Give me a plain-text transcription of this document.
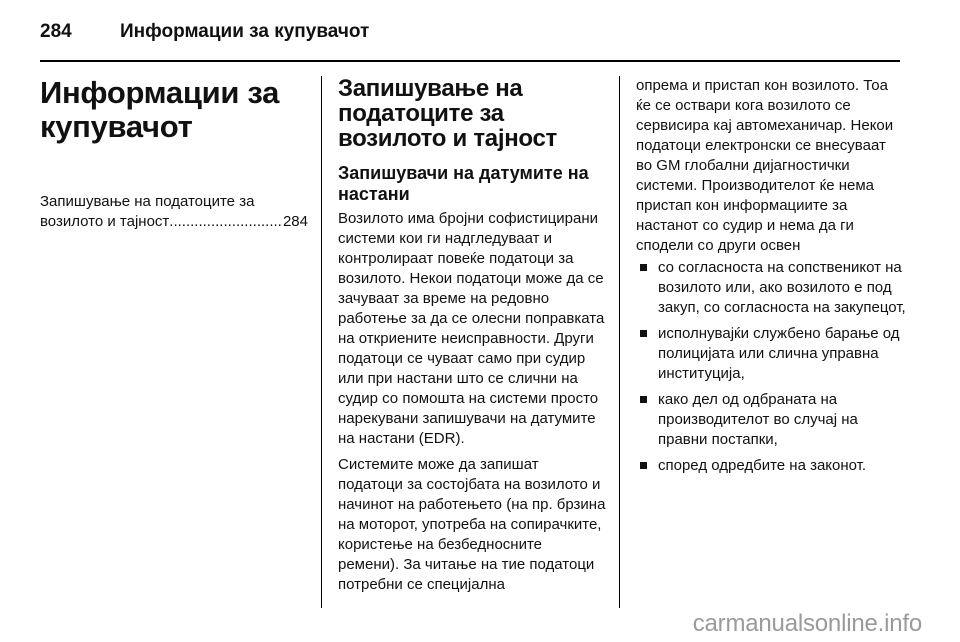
284	Информации за купувачот
Информации за купувачот
Запишување на податоците за
возилото и тајност
.....	284
Запишување на податоците за возилото и тајност
Запишувачи на датумите на настани

Возилото има бројни софистицирани системи кои ги надгледуваат и контролираат повеќе податоци за возилото. Некои податоци може да се зачуваат за време на редовно работење за да се олесни поправката на откриените неисправности. Други податоци се чуваат само при судир или при настани што се слични на судир со помошта на системи просто нарекувани запишувачи на датумите на настани (EDR).

Системите може да запишат податоци за состојбата на возилото и начинот на работењето (на пр. брзина на моторот, употреба на сопирачките, користење на безбедносните ремени). За читање на тие податоци потребни се специјална

опрема и пристап кон возилото. Тоа ќе се оствари кога возилото се сервисира кај автомеханичар. Некои податоци електронски се внесуваат во GM глобални дијагностички системи. Производителот ќе нема пристап кон информациите за настанот со судир и нема да ги сподели со други освен

со согласноста на сопственикот на возилото или, ако возилото е под закуп, со согласноста на закупецот,
исполнувајќи службено барање од полицијата или слична управна институција,
како дел од одбраната на производителот во случај на правни постапки,
според одредбите на законот.
carmanualsonline.info
